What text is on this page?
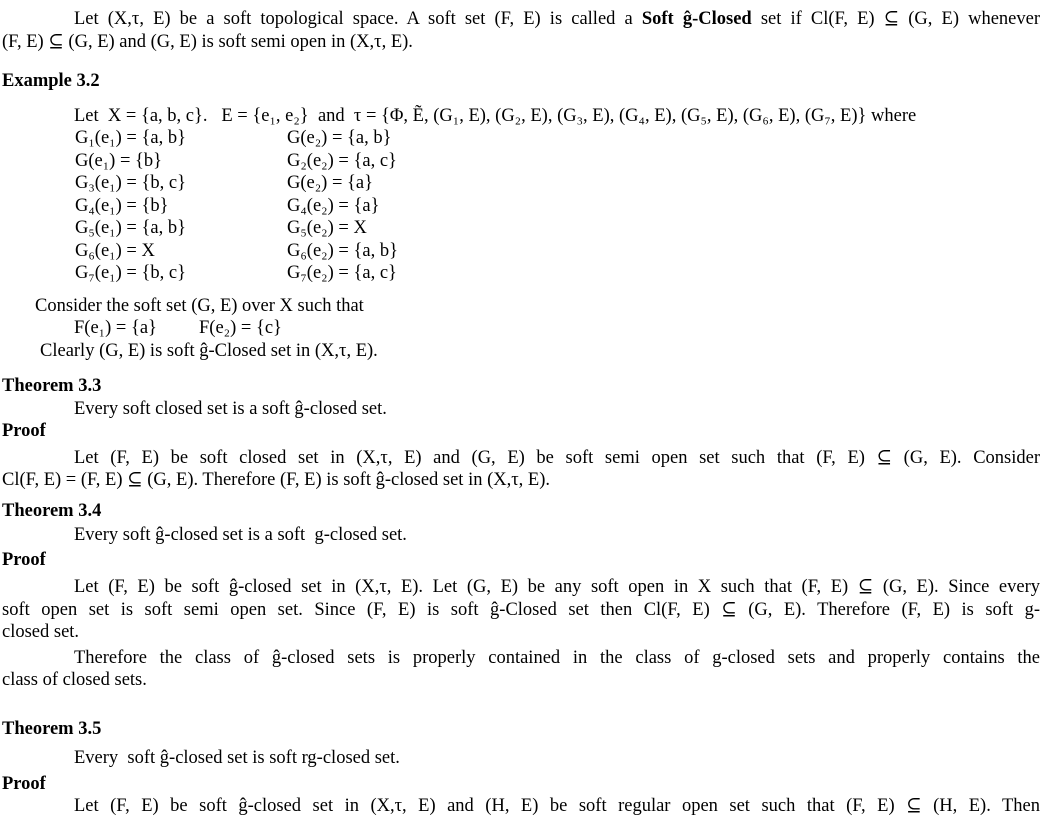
Let (X,τ, E) be a soft topological space. A soft set (F, E) is called a Soft ĝ-Closed set if Cl(F, E) ⊆ (G, E) whenever
(F, E) ⊆ (G, E) and (G, E) is soft semi open in (X,τ, E).
Example 3.2
Let  X = {a, b, c}.   E = {e₁, e₂}  and  τ = {Φ, Ẽ, (G₁, E), (G₂, E), (G₃, E), (G₄, E), (G₅, E), (G₆, E), (G₇, E)} where
G₁(e₁) = {a, b}	G(e₂) = {a, b}
G(e₁) = {b}	G₂(e₂) = {a, c}
G₃(e₁) = {b, c}	G(e₂) = {a}
G₄(e₁) = {b}	G₄(e₂) = {a}
G₅(e₁) = {a, b}	G₅(e₂) = X
G₆(e₁) = X	G₆(e₂) = {a, b}
G₇(e₁) = {b, c}	G₇(e₂) = {a, c}
Consider the soft set (G, E) over X such that
F(e₁) = {a} F(e₂) = {c}
Clearly (G, E) is soft ĝ-Closed set in (X,τ, E).
Theorem 3.3
Every soft closed set is a soft ĝ-closed set.
Proof
Let (F, E) be soft closed set in (X,τ, E) and (G, E) be soft semi open set such that (F, E) ⊆ (G, E). Consider
Cl(F, E) = (F, E) ⊆ (G, E). Therefore (F, E) is soft ĝ-closed set in (X,τ, E).
Theorem 3.4
Every soft ĝ-closed set is a soft  g-closed set.
Proof
Let (F, E) be soft ĝ-closed set in (X,τ, E). Let (G, E) be any soft open in X such that (F, E) ⊆ (G, E). Since every
soft open set is soft semi open set. Since (F, E) is soft ĝ-Closed set then Cl(F, E) ⊆ (G, E). Therefore (F, E) is soft g-
closed set.
Therefore the class of ĝ-closed sets is properly contained in the class of g-closed sets and properly contains the
class of closed sets.
Theorem 3.5
Every  soft ĝ-closed set is soft rg-closed set.
Proof
Let (F, E) be soft ĝ-closed set in (X,τ, E) and (H, E) be soft regular open set such that (F, E) ⊆ (H, E). Then
